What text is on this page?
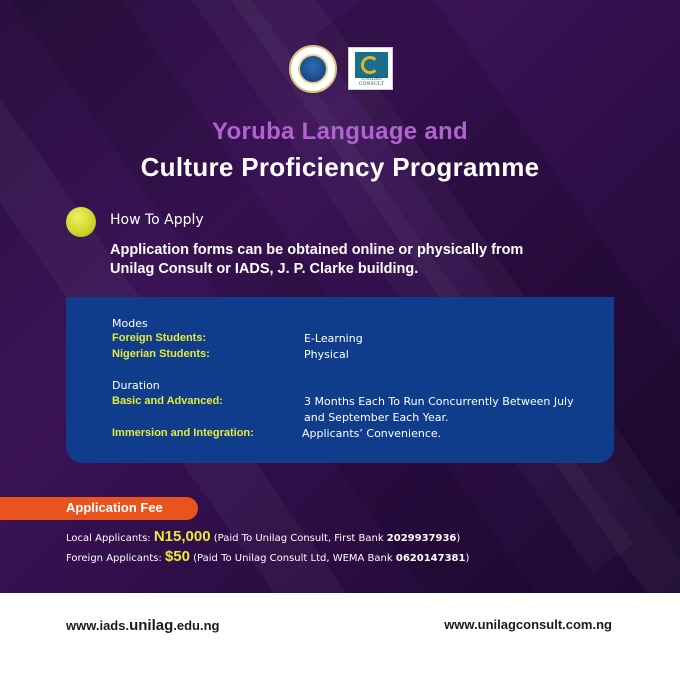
UNILAG CONSULT
Yoruba Language and
Culture Proficiency Programme
How To Apply
Application forms can be obtained online or physically from
Unilag Consult or IADS, J. P. Clarke building.
Modes
Foreign Students:	E-Learning
Nigerian Students:	Physical
Duration
Basic and Advanced:	3 Months Each To Run Concurrently Between July
and September Each Year.
Immersion and Integration:	Applicants’ Convenience.
Application Fee
Local Applicants: N15,000 (Paid To Unilag Consult, First Bank 2029937936)
Foreign Applicants: $50 (Paid To Unilag Consult Ltd, WEMA Bank 0620147381)
www.iads.unilag.edu.ng	www.unilagconsult.com.ng
